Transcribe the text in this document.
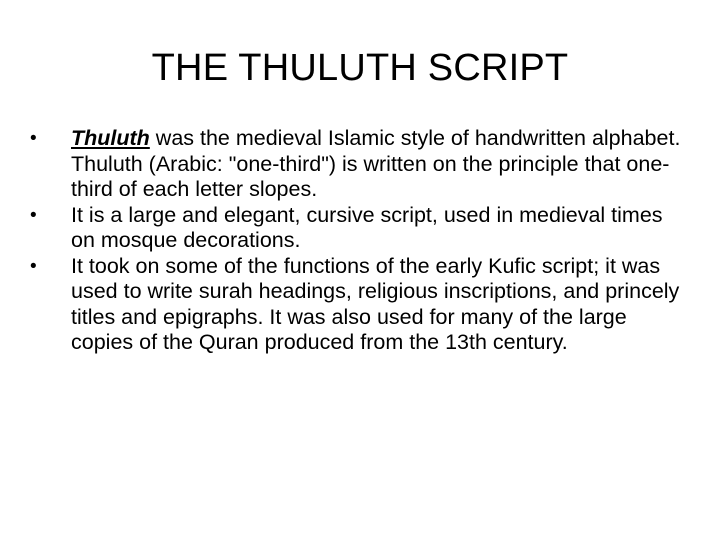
THE THULUTH SCRIPT
•	Thuluth was the medieval Islamic style of handwritten alphabet. Thuluth (Arabic: "one-third") is written on the principle that one-third of each letter slopes.
•	It is a large and elegant, cursive script, used in medieval times on mosque decorations.
•	It took on some of the functions of the early Kufic script; it was used to write surah headings, religious inscriptions, and princely titles and epigraphs. It was also used for many of the large copies of the Quran produced from the 13th century.
